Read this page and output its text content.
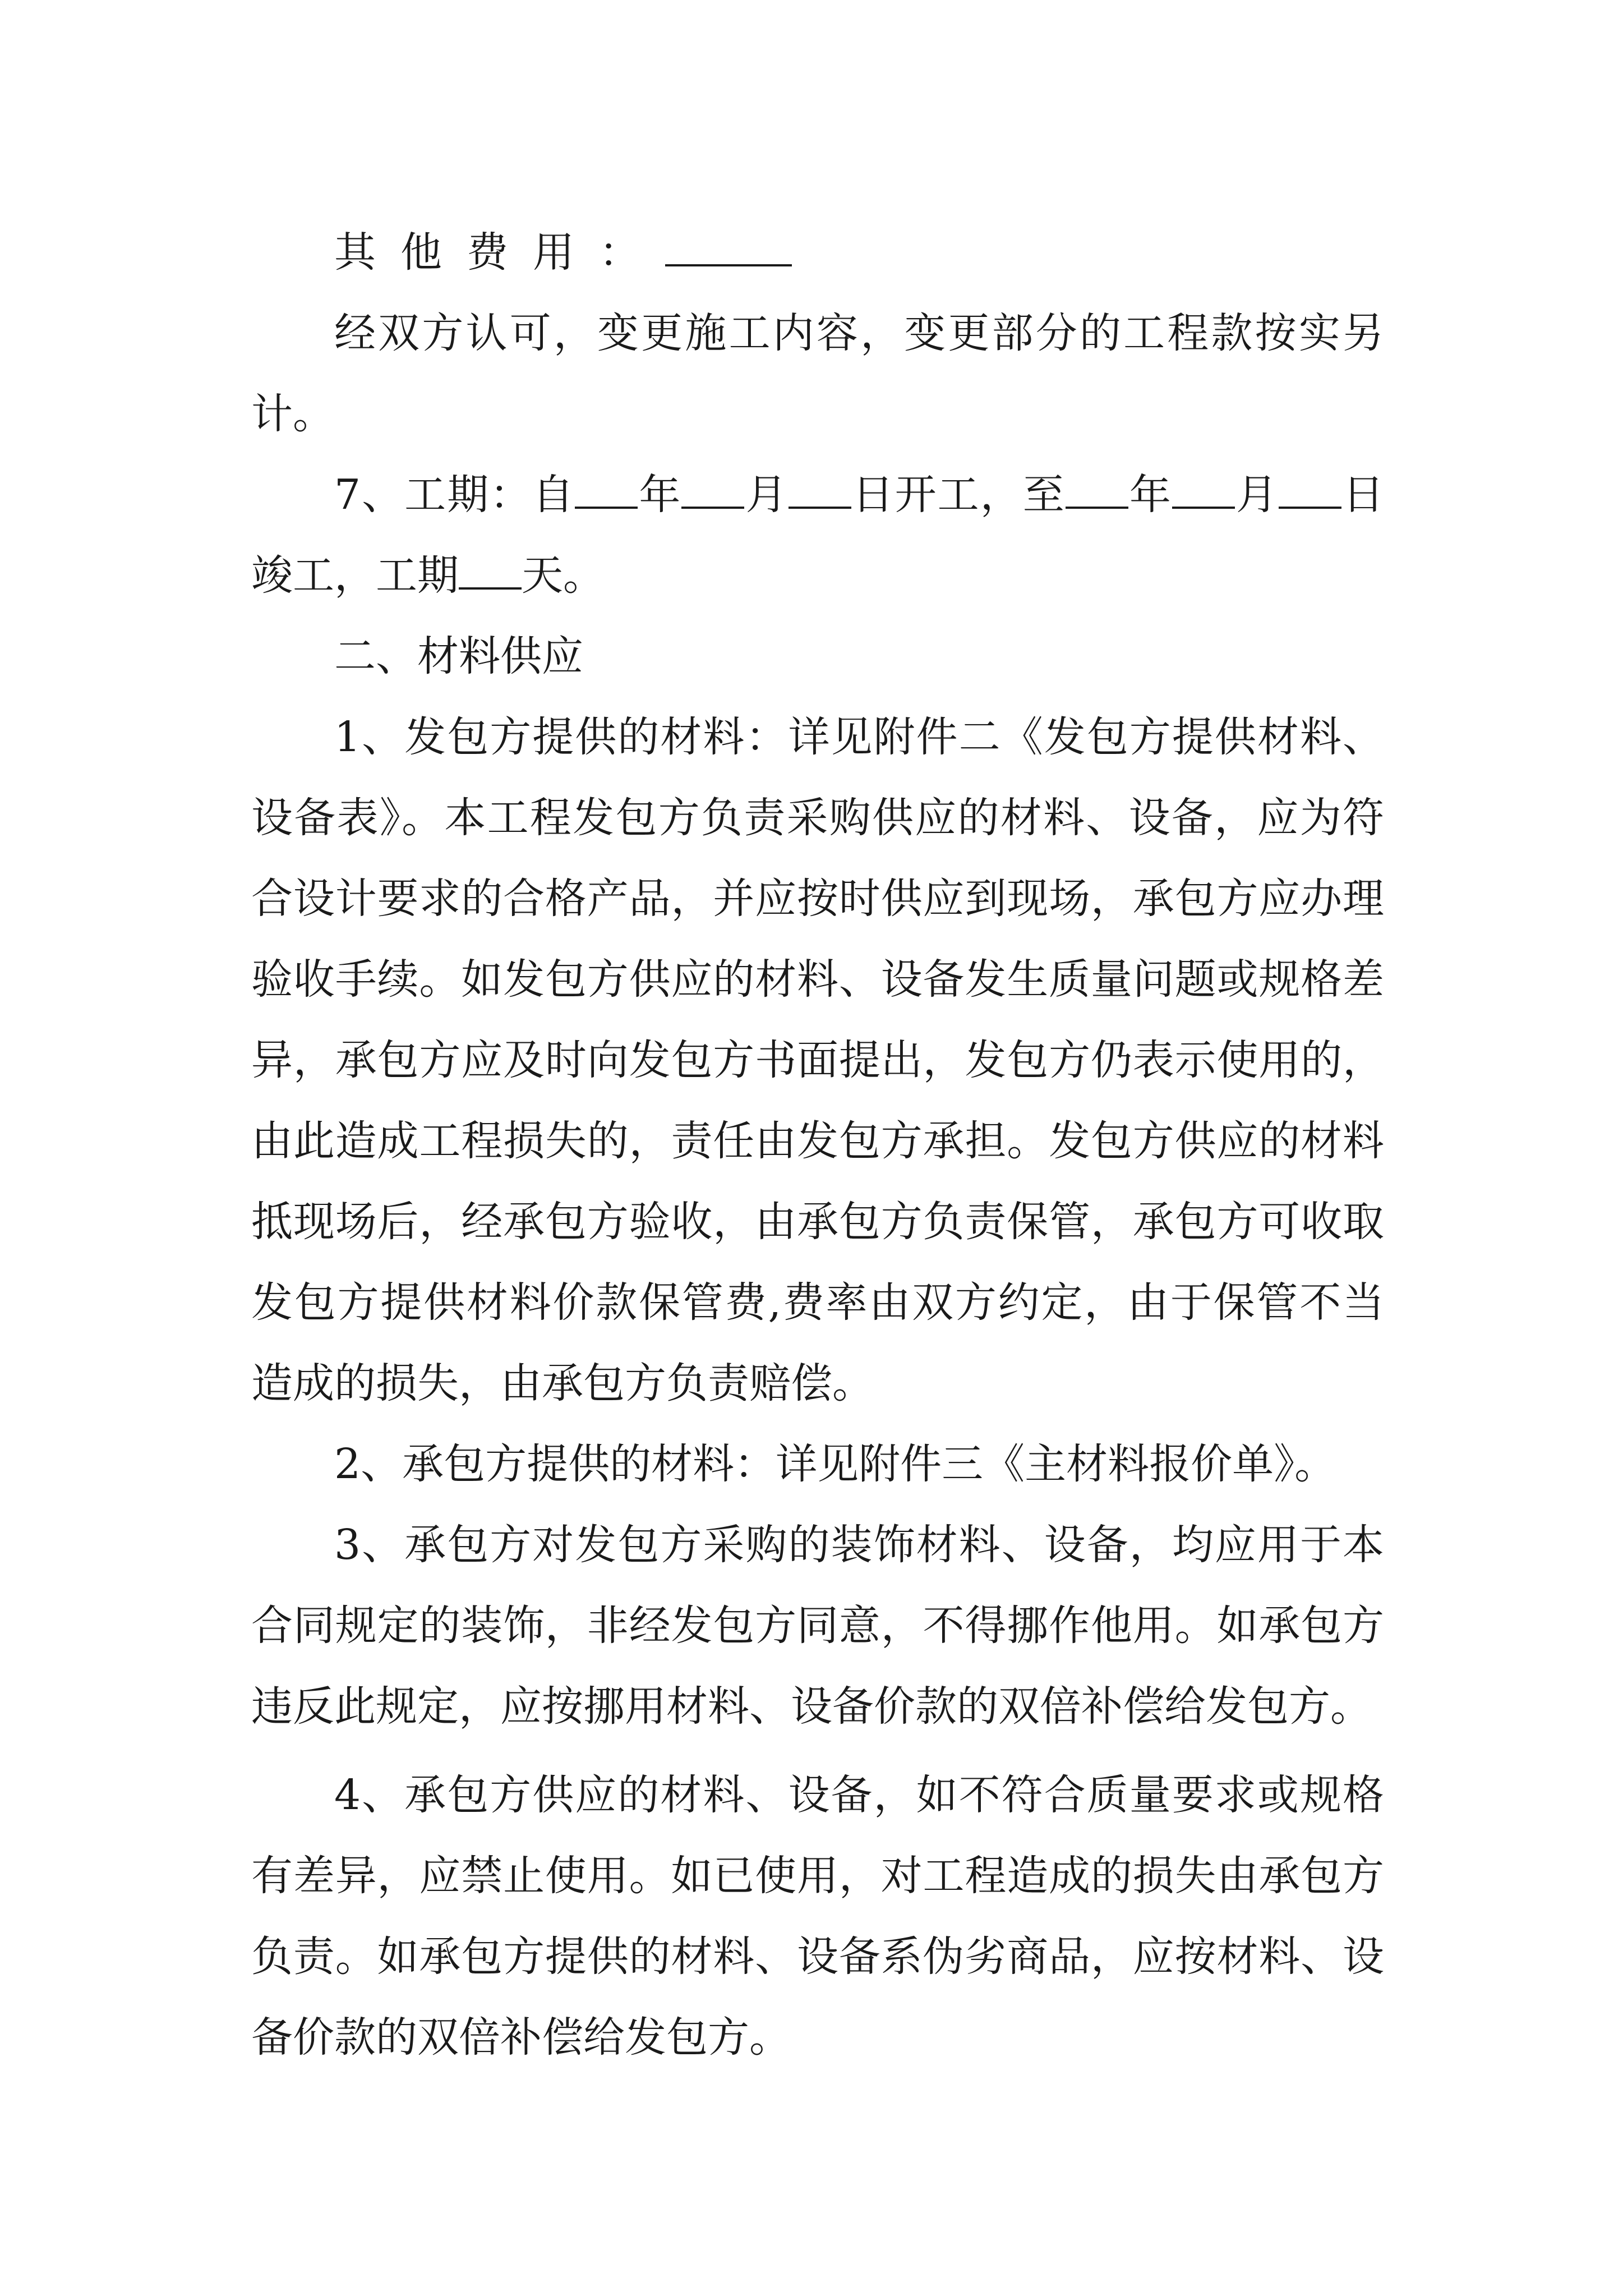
其他费用：

经双方认可，变更施工内容，变更部分的工程款按实另计。

7、工期：自 年 月 日开工，至 年 月 日竣工，工期 天。

二、材料供应

1、发包方提供的材料：详见附件二《发包方提供材料、设备表》。本工程发包方负责采购供应的材料、设备，应为符合设计要求的合格产品，并应按时供应到现场，承包方应办理验收手续。如发包方供应的材料、设备发生质量问题或规格差异，承包方应及时向发包方书面提出，发包方仍表示使用的，由此造成工程损失的，责任由发包方承担。发包方供应的材料抵现场后，经承包方验收，由承包方负责保管，承包方可收取发包方提供材料价款保管费,费率由双方约定，由于保管不当造成的损失，由承包方负责赔偿。

2、承包方提供的材料：详见附件三《主材料报价单》。

3、承包方对发包方采购的装饰材料、设备，均应用于本合同规定的装饰，非经发包方同意，不得挪作他用。如承包方违反此规定，应按挪用材料、设备价款的双倍补偿给发包方。

4、承包方供应的材料、设备，如不符合质量要求或规格有差异，应禁止使用。如已使用，对工程造成的损失由承包方负责。如承包方提供的材料、设备系伪劣商品，应按材料、设备价款的双倍补偿给发包方。
